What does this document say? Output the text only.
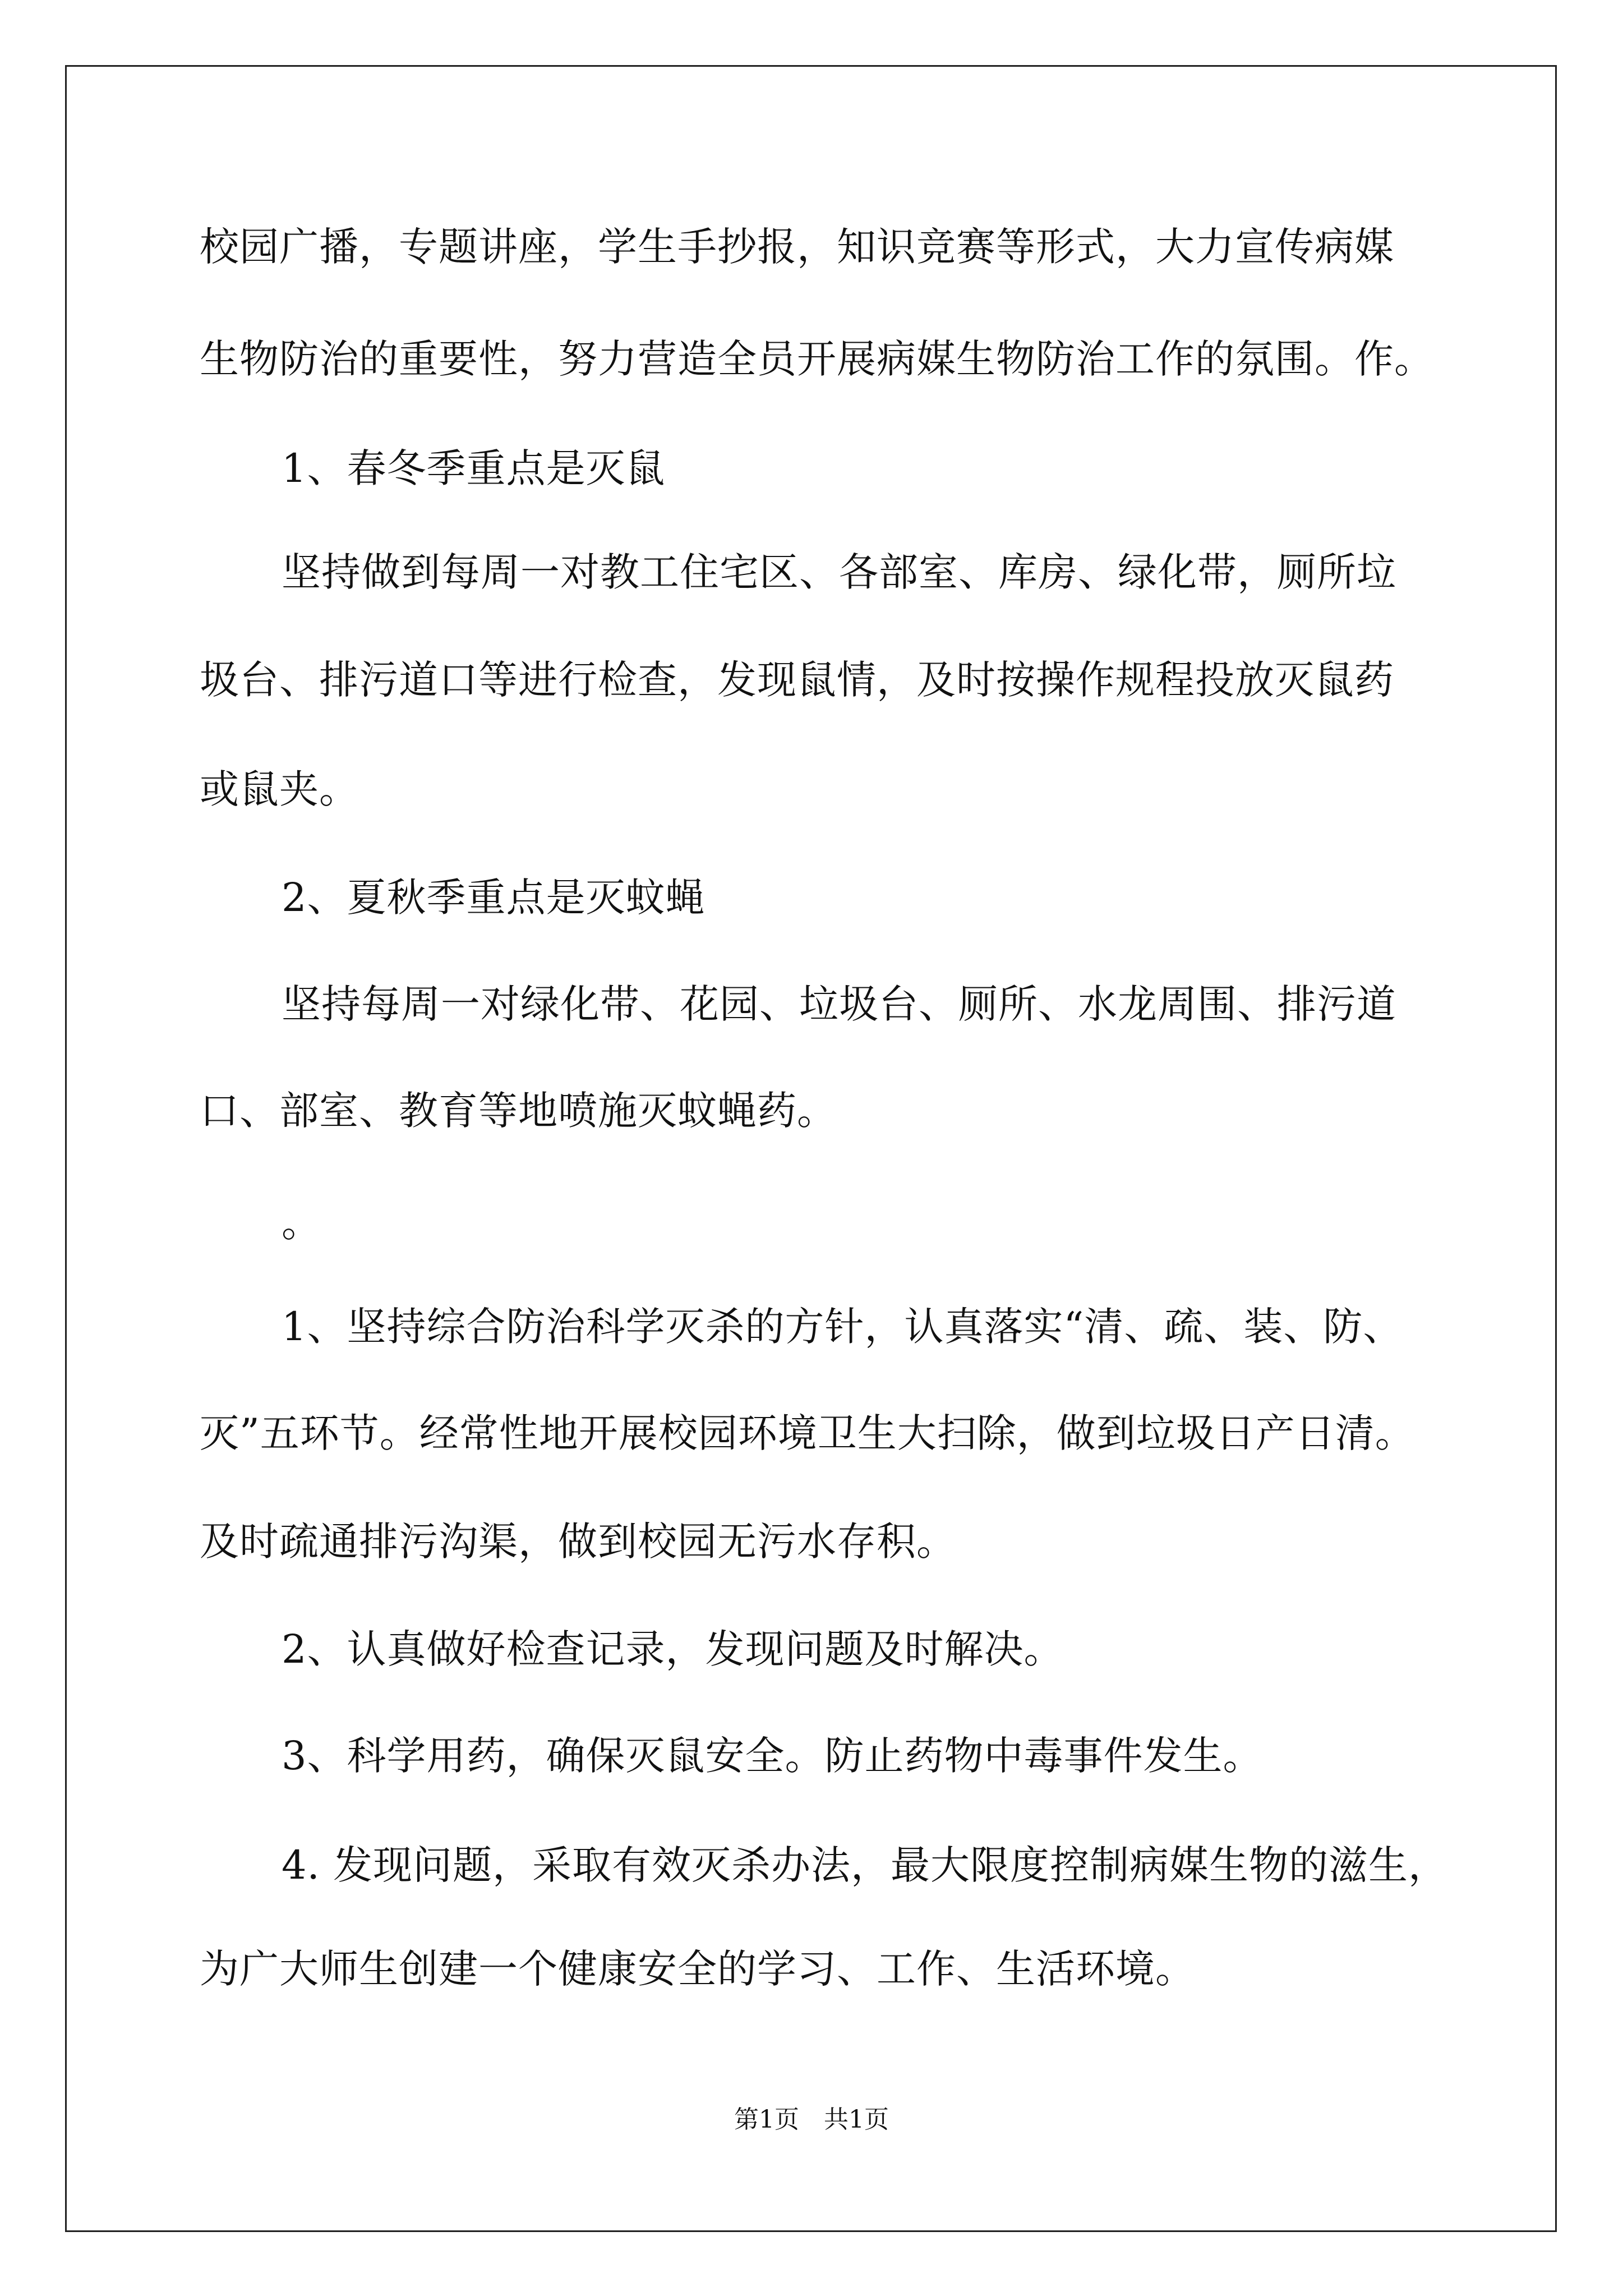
校园广播，专题讲座，学生手抄报，知识竞赛等形式，大力宣传病媒

生物防治的重要性，努力营造全员开展病媒生物防治工作的氛围。作。

1、春冬季重点是灭鼠

坚持做到每周一对教工住宅区、各部室、库房、绿化带，厕所垃

圾台、排污道口等进行检查，发现鼠情，及时按操作规程投放灭鼠药

或鼠夹。

2、夏秋季重点是灭蚊蝇

坚持每周一对绿化带、花园、垃圾台、厕所、水龙周围、排污道

口、部室、教育等地喷施灭蚊蝇药。

。

1、坚持综合防治科学灭杀的方针，认真落实“清、疏、装、防、

灭”五环节。经常性地开展校园环境卫生大扫除，做到垃圾日产日清。

及时疏通排污沟渠，做到校园无污水存积。

2、认真做好检查记录，发现问题及时解决。

3、科学用药，确保灭鼠安全。防止药物中毒事件发生。

4. 发现问题，采取有效灭杀办法，最大限度控制病媒生物的滋生，

为广大师生创建一个健康安全的学习、工作、生活环境。

第1页　共1页
